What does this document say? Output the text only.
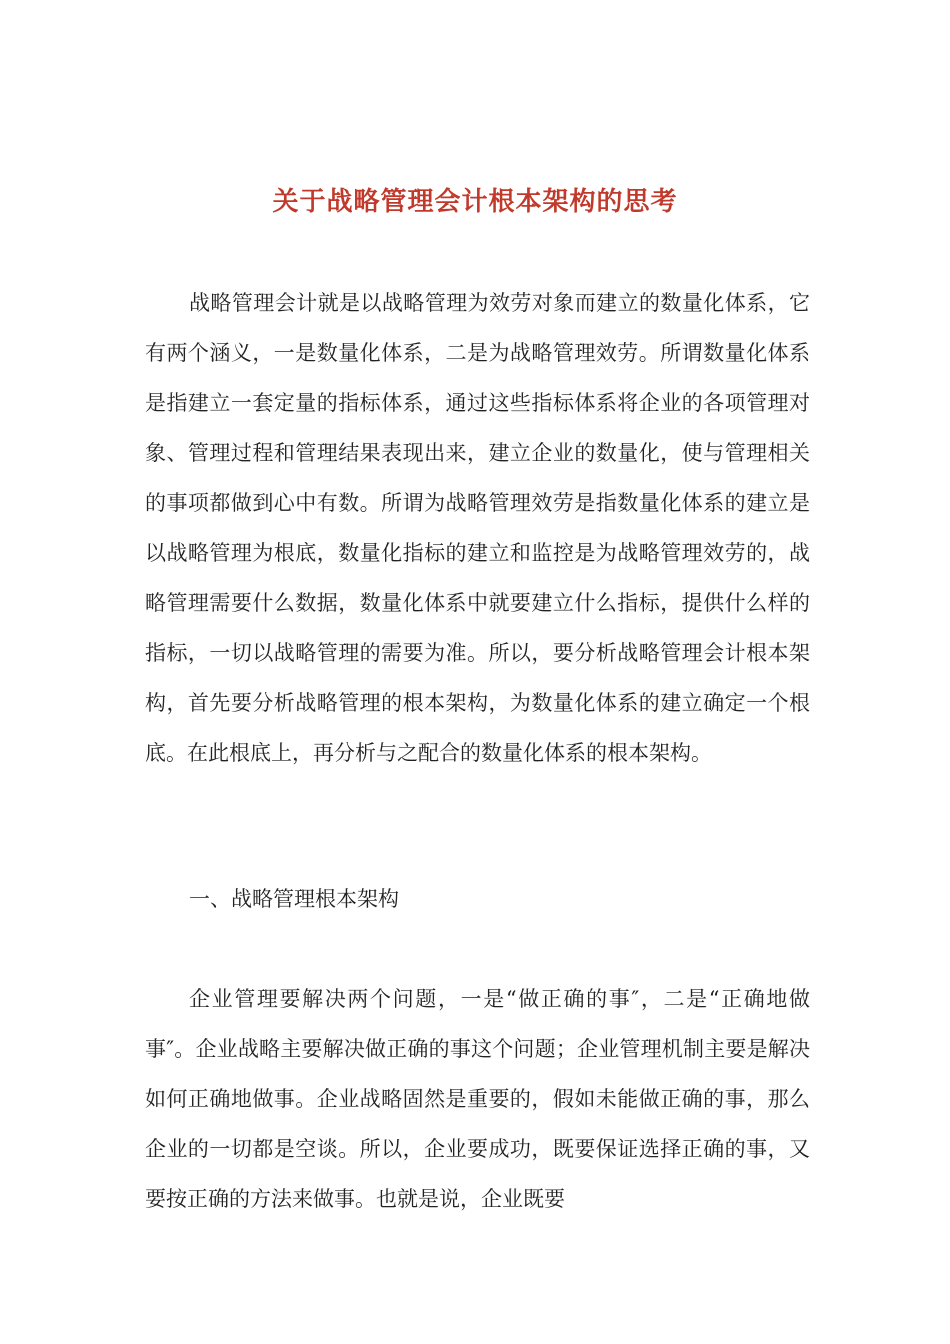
关于战略管理会计根本架构的思考

战略管理会计就是以战略管理为效劳对象而建立的数量化体系，它有两个涵义，一是数量化体系，二是为战略管理效劳。所谓数量化体系是指建立一套定量的指标体系，通过这些指标体系将企业的各项管理对象、管理过程和管理结果表现出来，建立企业的数量化，使与管理相关的事项都做到心中有数。所谓为战略管理效劳是指数量化体系的建立是以战略管理为根底，数量化指标的建立和监控是为战略管理效劳的，战略管理需要什么数据，数量化体系中就要建立什么指标，提供什么样的指标，一切以战略管理的需要为准。所以，要分析战略管理会计根本架构，首先要分析战略管理的根本架构，为数量化体系的建立确定一个根底。在此根底上，再分析与之配合的数量化体系的根本架构。

一、战略管理根本架构

企业管理要解决两个问题，一是“做正确的事″，二是“正确地做事″。企业战略主要解决做正确的事这个问题；企业管理机制主要是解决如何正确地做事。企业战略固然是重要的，假如未能做正确的事，那么企业的一切都是空谈。所以，企业要成功，既要保证选择正确的事，又要按正确的方法来做事。也就是说，企业既要
